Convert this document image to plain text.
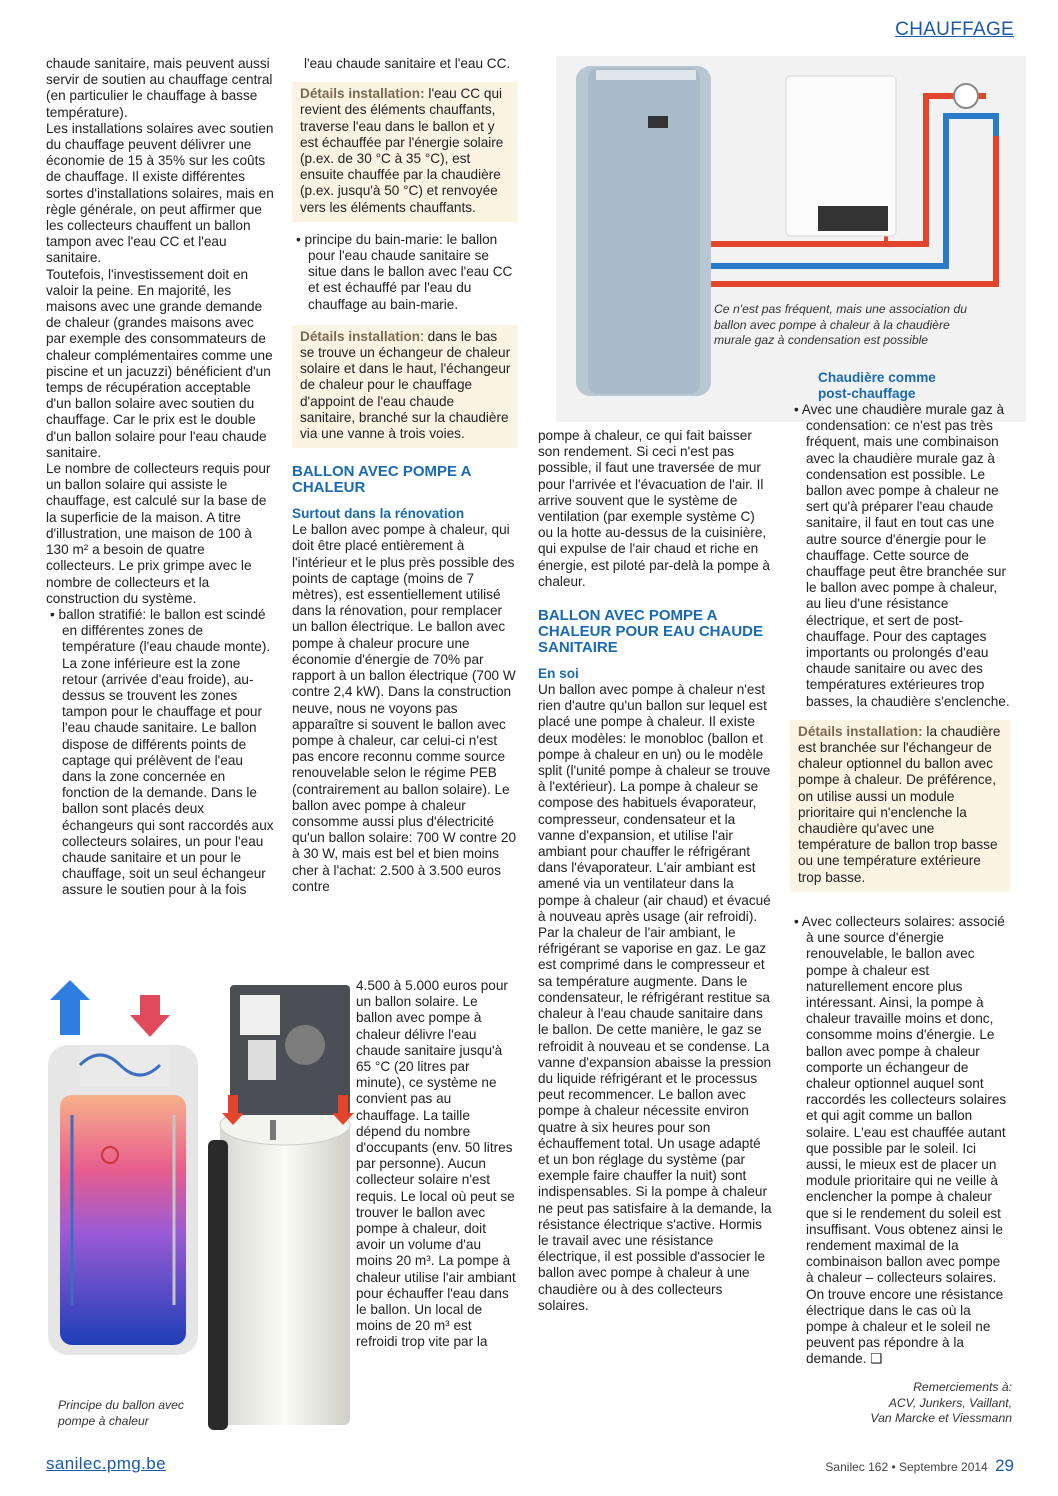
CHAUFFAGE

chaude sanitaire, mais peuvent aussi servir de soutien au chauffage central (en particulier le chauffage à basse température).

Les installations solaires avec soutien du chauffage peuvent délivrer une économie de 15 à 35% sur les coûts de chauffage. Il existe différentes sortes d'installations solaires, mais en règle générale, on peut affirmer que les collecteurs chauffent un ballon tampon avec l'eau CC et l'eau sanitaire.

Toutefois, l'investissement doit en valoir la peine. En majorité, les maisons avec une grande demande de chaleur (grandes maisons avec par exemple des consommateurs de chaleur complémentaires comme une piscine et un jacuzzi) bénéficient d'un temps de récupération acceptable d'un ballon solaire avec soutien du chauffage. Car le prix est le double d'un ballon solaire pour l'eau chaude sanitaire.

Le nombre de collecteurs requis pour un ballon solaire qui assiste le chauffage, est calculé sur la base de la superficie de la maison. A titre d'illustration, une maison de 100 à 130 m² a besoin de quatre collecteurs. Le prix grimpe avec le nombre de collecteurs et la construction du système.

• ballon stratifié: le ballon est scindé en différentes zones de température (l'eau chaude monte). La zone inférieure est la zone retour (arrivée d'eau froide), au-dessus se trouvent les zones tampon pour le chauffage et pour l'eau chaude sanitaire. Le ballon dispose de différents points de captage qui prélèvent de l'eau dans la zone concernée en fonction de la demande. Dans le ballon sont placés deux échangeurs qui sont raccordés aux collecteurs solaires, un pour l'eau chaude sanitaire et un pour le chauffage, soit un seul échangeur assure le soutien pour à la fois

l'eau chaude sanitaire et l'eau CC.

Détails installation: l'eau CC qui revient des éléments chauffants, traverse l'eau dans le ballon et y est échauffée par l'énergie solaire (p.ex. de 30 °C à 35 °C), est ensuite chauffée par la chaudière (p.ex. jusqu'à 50 °C) et renvoyée vers les éléments chauffants.

• principe du bain-marie: le ballon pour l'eau chaude sanitaire se situe dans le ballon avec l'eau CC et est échauffé par l'eau du chauffage au bain-marie.

Détails installation: dans le bas se trouve un échangeur de chaleur solaire et dans le haut, l'échangeur de chaleur pour le chauffage d'appoint de l'eau chaude sanitaire, branché sur la chaudière via une vanne à trois voies.
BALLON AVEC POMPE A CHALEUR
Surtout dans la rénovation

Le ballon avec pompe à chaleur, qui doit être placé entièrement à l'intérieur et le plus près possible des points de captage (moins de 7 mètres), est essentiellement utilisé dans la rénovation, pour remplacer un ballon électrique. Le ballon avec pompe à chaleur procure une économie d'énergie de 70% par rapport à un ballon électrique (700 W contre 2,4 kW). Dans la construction neuve, nous ne voyons pas apparaître si souvent le ballon avec pompe à chaleur, car celui-ci n'est pas encore reconnu comme source renouvelable selon le régime PEB (contrairement au ballon solaire). Le ballon avec pompe à chaleur consomme aussi plus d'électricité qu'un ballon solaire: 700 W contre 20 à 30 W, mais est bel et bien moins cher à l'achat: 2.500 à 3.500 euros contre

4.500 à 5.000 euros pour un ballon solaire. Le ballon avec pompe à chaleur délivre l'eau chaude sanitaire jusqu'à 65 °C (20 litres par minute), ce système ne convient pas au chauffage. La taille dépend du nombre d'occupants (env. 50 litres par personne). Aucun collecteur solaire n'est requis. Le local où peut se trouver le ballon avec pompe à chaleur, doit avoir un volume d'au moins 20 m³. La pompe à chaleur utilise l'air ambiant pour échauffer l'eau dans le ballon. Un local de moins de 20 m³ est refroidi trop vite par la

Principe du ballon avec pompe à chaleur
Ce n'est pas fréquent, mais une association du ballon avec pompe à chaleur à la chaudière murale gaz à condensation est possible

pompe à chaleur, ce qui fait baisser son rendement. Si ceci n'est pas possible, il faut une traversée de mur pour l'arrivée et l'évacuation de l'air. Il arrive souvent que le système de ventilation (par exemple système C) ou la hotte au-dessus de la cuisinière, qui expulse de l'air chaud et riche en énergie, est piloté par-delà la pompe à chaleur.

BALLON AVEC POMPE A CHALEUR POUR EAU CHAUDE SANITAIRE
En soi

Un ballon avec pompe à chaleur n'est rien d'autre qu'un ballon sur lequel est placé une pompe à chaleur. Il existe deux modèles: le monobloc (ballon et pompe à chaleur en un) ou le modèle split (l'unité pompe à chaleur se trouve à l'extérieur). La pompe à chaleur se compose des habituels évaporateur, compresseur, condensateur et la vanne d'expansion, et utilise l'air ambiant pour chauffer le réfrigérant dans l'évaporateur. L'air ambiant est amené via un ventilateur dans la pompe à chaleur (air chaud) et évacué à nouveau après usage (air refroidi). Par la chaleur de l'air ambiant, le réfrigérant se vaporise en gaz. Le gaz est comprimé dans le compresseur et sa température augmente. Dans le condensateur, le réfrigérant restitue sa chaleur à l'eau chaude sanitaire dans le ballon. De cette manière, le gaz se refroidit à nouveau et se condense. La vanne d'expansion abaisse la pression du liquide réfrigérant et le processus peut recommencer. Le ballon avec pompe à chaleur nécessite environ quatre à six heures pour son échauffement total. Un usage adapté et un bon réglage du système (par exemple faire chauffer la nuit) sont indispensables. Si la pompe à chaleur ne peut pas satisfaire à la demande, la résistance électrique s'active. Hormis le travail avec une résistance électrique, il est possible d'associer le ballon avec pompe à chaleur à une chaudière ou à des collecteurs solaires.

Chaudière comme post-chauffage

• Avec une chaudière murale gaz à condensation: ce n'est pas très fréquent, mais une combinaison avec la chaudière murale gaz à condensation est possible. Le ballon avec pompe à chaleur ne sert qu'à préparer l'eau chaude sanitaire, il faut en tout cas une autre source d'énergie pour le chauffage. Cette source de chauffage peut être branchée sur le ballon avec pompe à chaleur, au lieu d'une résistance électrique, et sert de post-chauffage. Pour des captages importants ou prolongés d'eau chaude sanitaire ou avec des températures extérieures trop basses, la chaudière s'enclenche.

Détails installation: la chaudière est branchée sur l'échangeur de chaleur optionnel du ballon avec pompe à chaleur. De préférence, on utilise aussi un module prioritaire qui n'enclenche la chaudière qu'avec une température de ballon trop basse ou une température extérieure trop basse.

• Avec collecteurs solaires: associé à une source d'énergie renouvelable, le ballon avec pompe à chaleur est naturellement encore plus intéressant. Ainsi, la pompe à chaleur travaille moins et donc, consomme moins d'énergie. Le ballon avec pompe à chaleur comporte un échangeur de chaleur optionnel auquel sont raccordés les collecteurs solaires et qui agit comme un ballon solaire. L'eau est chauffée autant que possible par le soleil. Ici aussi, le mieux est de placer un module prioritaire qui ne veille à enclencher la pompe à chaleur que si le rendement du soleil est insuffisant. Vous obtenez ainsi le rendement maximal de la combinaison ballon avec pompe à chaleur – collecteurs solaires. On trouve encore une résistance électrique dans le cas où la pompe à chaleur et le soleil ne peuvent pas répondre à la demande. ❑

Remerciements à:
ACV, Junkers, Vaillant,
Van Marcke et Viessmann
sanilec.pmg.be	Sanilec 162 • Septembre 2014 29
